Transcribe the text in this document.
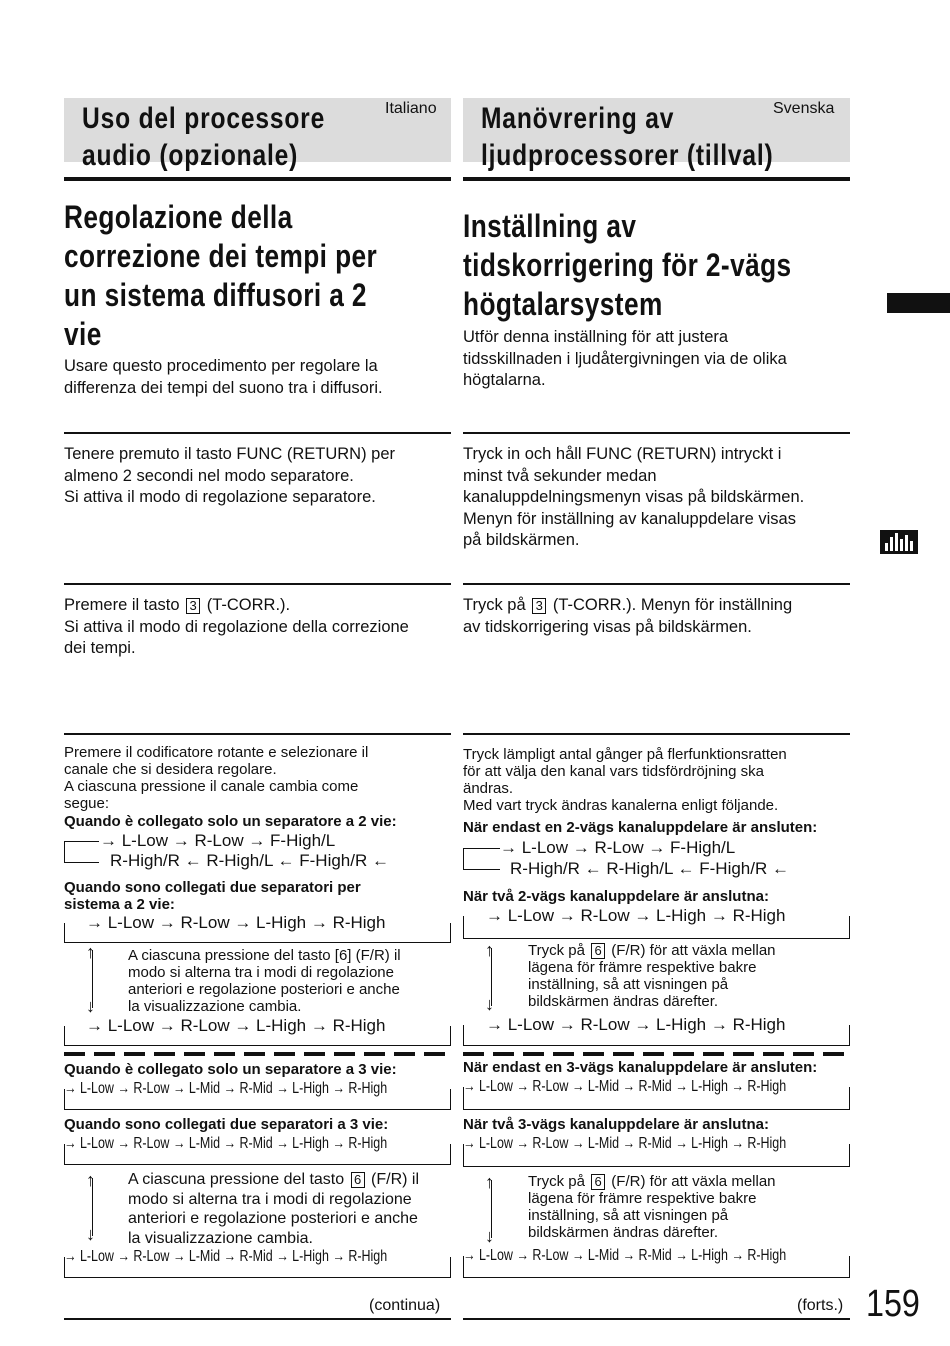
Uso del processore
audio (opzionale)
Manövrering av
ljudprocessorer (tillval)
Italiano	Svenska
Regolazione della
correzione dei tempi per
un sistema diffusori a 2
vie
Inställning av
tidskorrigering för 2-vägs
högtalarsystem
Usare questo procedimento per regolare la
differenza dei tempi del suono tra i diffusori.
Utför denna inställning för att justera
tidsskillnaden i ljudåtergivningen via de olika
högtalarna.
Tenere premuto il tasto FUNC (RETURN) per
almeno 2 secondi nel modo separatore.
Si attiva il modo di regolazione separatore.
Tryck in och håll FUNC (RETURN) intryckt i
minst två sekunder medan
kanaluppdelningsmenyn visas på bildskärmen.
Menyn för inställning av kanaluppdelare visas
på bildskärmen.
Premere il tasto 3 (T-CORR.).
Si attiva il modo di regolazione della correzione
dei tempi.
Tryck på 3 (T-CORR.). Menyn för inställning
av tidskorrigering visas på bildskärmen.
Premere il codificatore rotante e selezionare il
canale che si desidera regolare.
A ciascuna pressione il canale cambia come
segue:
Quando è collegato solo un separatore a 2 vie:
→ L-Low → R-Low → F-High/L
R-High/R ← R-High/L ← F-High/R ←
Quando sono collegati due separatori per
sistema a 2 vie:
→ L-Low → R-Low → L-High → R-High
↑
↓
A ciascuna pressione del tasto [6] (F/R) il
modo si alterna tra i modi di regolazione
anteriori e regolazione posteriori e anche
la visualizzazione cambia.
→ L-Low → R-Low → L-High → R-High
Quando è collegato solo un separatore a 3 vie:
→ L-Low → R-Low → L-Mid → R-Mid → L-High → R-High
Quando sono collegati due separatori a 3 vie:
→ L-Low → R-Low → L-Mid → R-Mid → L-High → R-High
↑
↓
A ciascuna pressione del tasto 6 (F/R) il
modo si alterna tra i modi di regolazione
anteriori e regolazione posteriori e anche
la visualizzazione cambia.
→ L-Low → R-Low → L-Mid → R-Mid → L-High → R-High
Tryck lämpligt antal gånger på flerfunktionsratten
för att välja den kanal vars tidsfördröjning ska
ändras.
Med vart tryck ändras kanalerna enligt följande.
När endast en 2-vägs kanaluppdelare är ansluten:
→ L-Low → R-Low → F-High/L
R-High/R ← R-High/L ← F-High/R ←
När två 2-vägs kanaluppdelare är anslutna:
→ L-Low → R-Low → L-High → R-High
↑
↓
Tryck på 6 (F/R) för att växla mellan
lägena för främre respektive bakre
inställning, så att visningen på
bildskärmen ändras därefter.
→ L-Low → R-Low → L-High → R-High
När endast en 3-vägs kanaluppdelare är ansluten:
→ L-Low → R-Low → L-Mid → R-Mid → L-High → R-High
När två 3-vägs kanaluppdelare är anslutna:
→ L-Low → R-Low → L-Mid → R-Mid → L-High → R-High
↑
↓
Tryck på 6 (F/R) för att växla mellan
lägena för främre respektive bakre
inställning, så att visningen på
bildskärmen ändras därefter.
→ L-Low → R-Low → L-Mid → R-Mid → L-High → R-High
(continua)	(forts.) 159
